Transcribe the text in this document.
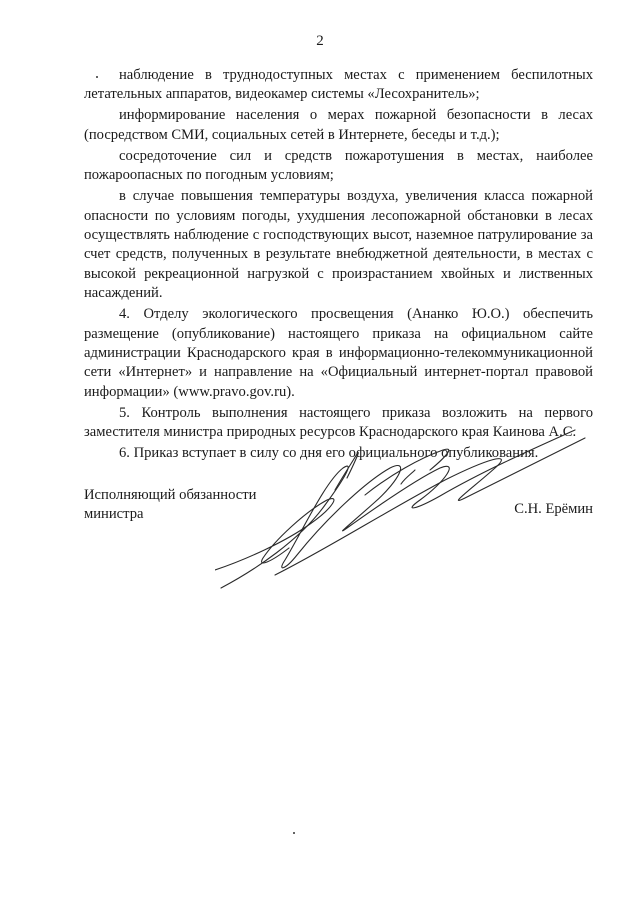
2

наблюдение в труднодоступных местах с применением беспилотных летательных аппаратов, видеокамер системы «Лесохранитель»;

информирование населения о мерах пожарной безопасности в лесах (посредством СМИ, социальных сетей в Интернете, беседы и т.д.);

сосредоточение сил и средств пожаротушения в местах, наиболее пожароопасных по погодным условиям;

в случае повышения температуры воздуха, увеличения класса пожарной опасности по условиям погоды, ухудшения лесопожарной обстановки в лесах осуществлять наблюдение с господствующих высот, наземное патрулирование за счет средств, полученных в результате внебюджетной деятельности, в местах с высокой рекреационной нагрузкой с произрастанием хвойных и лиственных насаждений.

4. Отделу экологического просвещения (Ананко Ю.О.) обеспечить размещение (опубликование) настоящего приказа на официальном сайте администрации Краснодарского края в информационно-телекоммуникационной сети «Интернет» и направление на «Официальный интернет-портал правовой информации» (www.pravo.gov.ru).

5. Контроль выполнения настоящего приказа возложить на первого заместителя министра природных ресурсов Краснодарского края Каинова А.С.

6. Приказ вступает в силу со дня его официального опубликования.

Исполняющий обязанности
министра	С.Н. Ерёмин
